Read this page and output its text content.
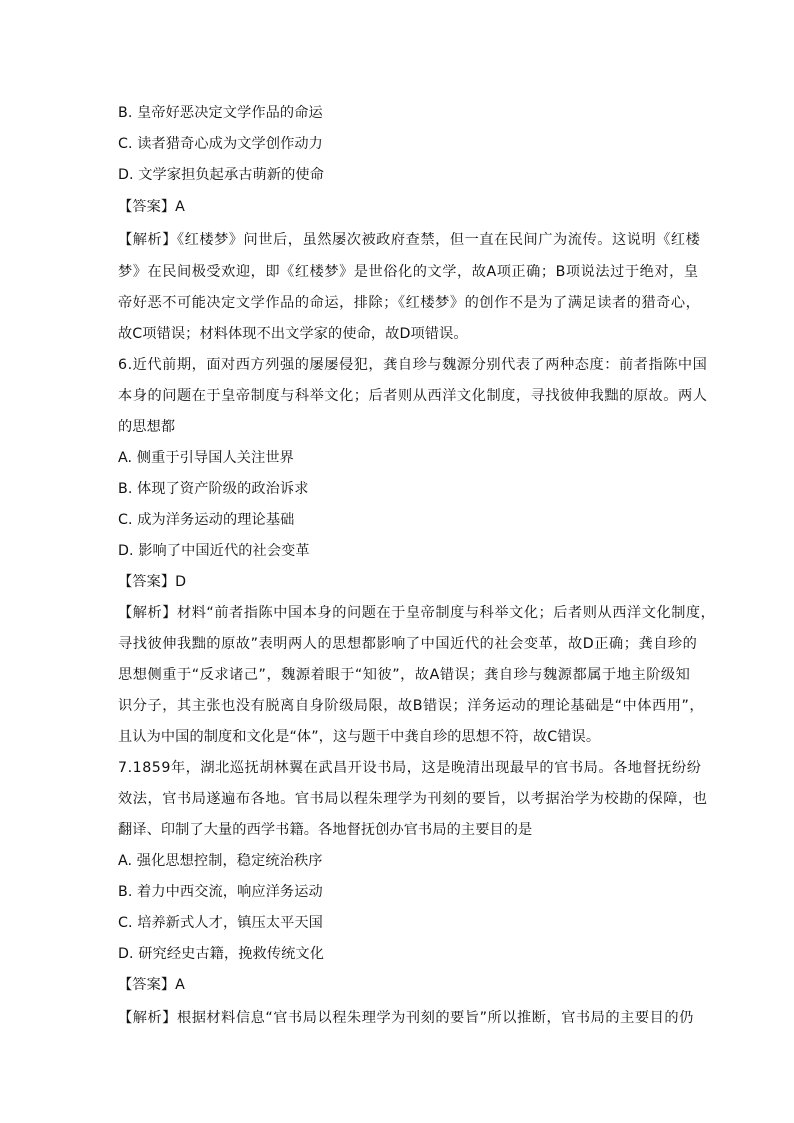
B. 皇帝好恶决定文学作品的命运
C. 读者猎奇心成为文学创作动力
D. 文学家担负起承古萌新的使命
【答案】A
【解析】《红楼梦》问世后，虽然屡次被政府查禁，但一直在民间广为流传。这说明《红楼
梦》在民间极受欢迎，即《红楼梦》是世俗化的文学，故A项正确；B项说法过于绝对，皇
帝好恶不可能决定文学作品的命运，排除；《红楼梦》的创作不是为了满足读者的猎奇心，
故C项错误；材料体现不出文学家的使命，故D项错误。
6.近代前期，面对西方列强的屡屡侵犯，龚自珍与魏源分别代表了两种态度：前者指陈中国
本身的问题在于皇帝制度与科举文化；后者则从西洋文化制度，寻找彼伸我黜的原故。两人
的思想都
A. 侧重于引导国人关注世界
B. 体现了资产阶级的政治诉求
C. 成为洋务运动的理论基础
D. 影响了中国近代的社会变革
【答案】D
【解析】材料“前者指陈中国本身的问题在于皇帝制度与科举文化；后者则从西洋文化制度，
寻找彼伸我黜的原故”表明两人的思想都影响了中国近代的社会变革，故D正确；龚自珍的
思想侧重于“反求诸己”，魏源着眼于“知彼”，故A错误；龚自珍与魏源都属于地主阶级知
识分子，其主张也没有脱离自身阶级局限，故B错误；洋务运动的理论基础是“中体西用”，
且认为中国的制度和文化是“体”，这与题干中龚自珍的思想不符，故C错误。
7.1859年，湖北巡抚胡林翼在武昌开设书局，这是晚清出现最早的官书局。各地督抚纷纷
效法，官书局遂遍布各地。官书局以程朱理学为刊刻的要旨，以考据治学为校勘的保障，也
翻译、印制了大量的西学书籍。各地督抚创办官书局的主要目的是
A. 强化思想控制，稳定统治秩序
B. 着力中西交流，响应洋务运动
C. 培养新式人才，镇压太平天国
D. 研究经史古籍，挽救传统文化
【答案】A
【解析】根据材料信息“官书局以程朱理学为刊刻的要旨”所以推断，官书局的主要目的仍
